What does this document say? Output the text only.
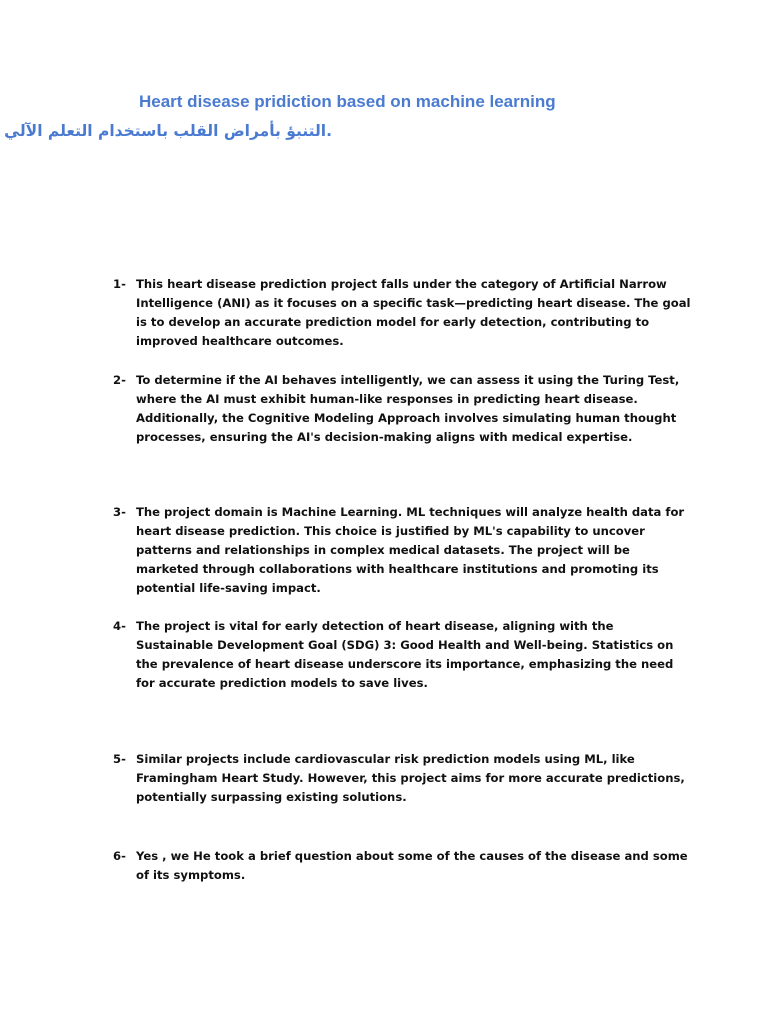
Heart disease pridiction based on machine learning
.التنبؤ بأمراض القلب باستخدام التعلم الآلي
1- This heart disease prediction project falls under the category of Artificial Narrow Intelligence (ANI) as it focuses on a specific task—predicting heart disease. The goal is to develop an accurate prediction model for early detection, contributing to improved healthcare outcomes.
2- To determine if the AI behaves intelligently, we can assess it using the Turing Test, where the AI must exhibit human-like responses in predicting heart disease. Additionally, the Cognitive Modeling Approach involves simulating human thought processes, ensuring the AI's decision-making aligns with medical expertise.
3- The project domain is Machine Learning. ML techniques will analyze health data for heart disease prediction. This choice is justified by ML's capability to uncover patterns and relationships in complex medical datasets. The project will be marketed through collaborations with healthcare institutions and promoting its potential life-saving impact.
4- The project is vital for early detection of heart disease, aligning with the Sustainable Development Goal (SDG) 3: Good Health and Well-being. Statistics on the prevalence of heart disease underscore its importance, emphasizing the need for accurate prediction models to save lives.
5- Similar projects include cardiovascular risk prediction models using ML, like Framingham Heart Study. However, this project aims for more accurate predictions, potentially surpassing existing solutions.
6- Yes , we He took a brief question about some of the causes of the disease and some of its symptoms.
